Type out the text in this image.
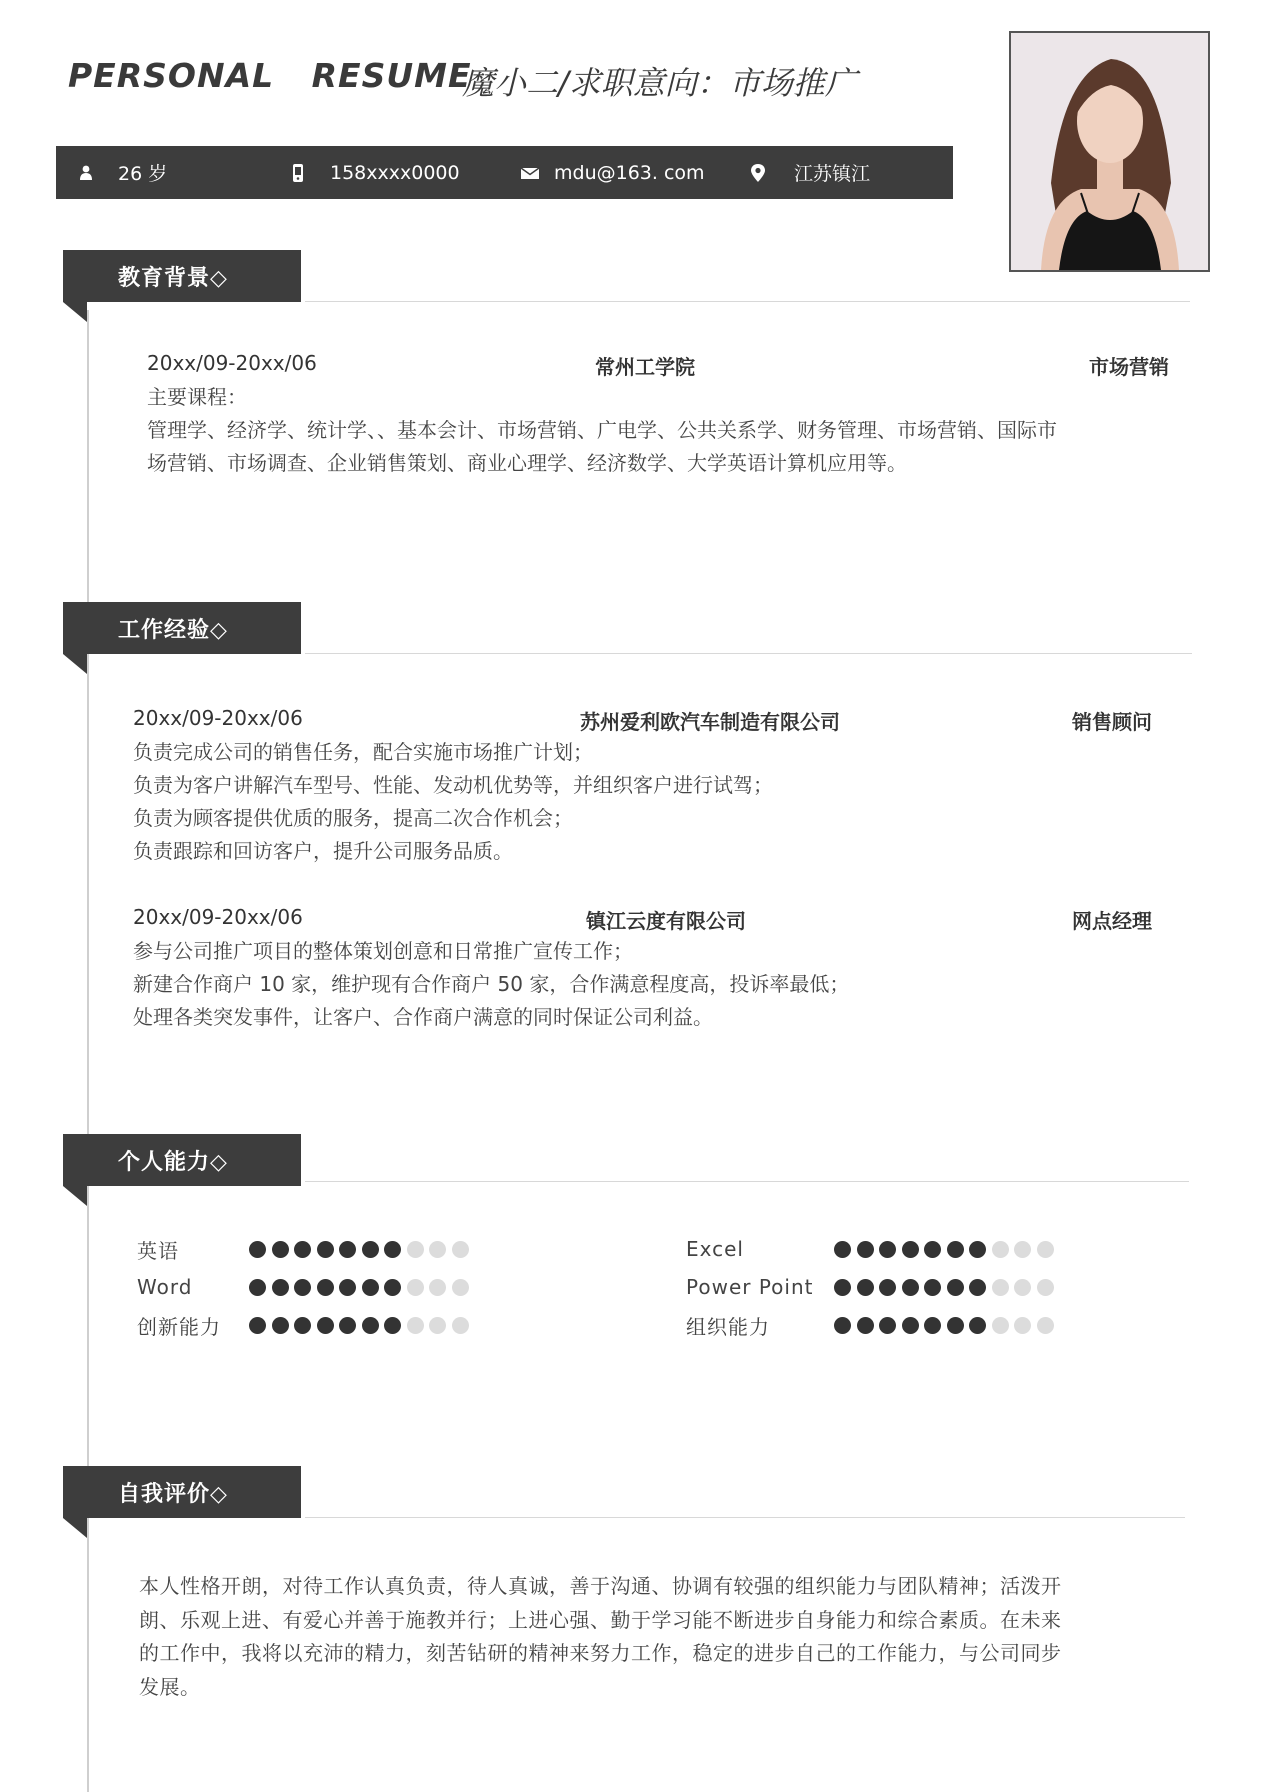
PERSONAL   RESUME
魔小二/求职意向：市场推广
26 岁	158xxxx0000	mdu@163. com	江苏镇江
教育背景◇
20xx/09-20xx/06	常州工学院	市场营销

主要课程：

管理学、经济学、统计学、、基本会计、市场营销、广电学、公共关系学、财务管理、市场营销、国际市

场营销、市场调查、企业销售策划、商业心理学、经济数学、大学英语计算机应用等。

工作经验◇
20xx/09-20xx/06	苏州爱利欧汽车制造有限公司	销售顾问

负责完成公司的销售任务，配合实施市场推广计划；

负责为客户讲解汽车型号、性能、发动机优势等，并组织客户进行试驾；

负责为顾客提供优质的服务，提高二次合作机会；

负责跟踪和回访客户，提升公司服务品质。

20xx/09-20xx/06	镇江云度有限公司	网点经理

参与公司推广项目的整体策划创意和日常推广宣传工作；

新建合作商户 10 家，维护现有合作商户 50 家，合作满意程度高，投诉率最低；

处理各类突发事件，让客户、合作商户满意的同时保证公司利益。

个人能力◇
英语
Word
创新能力
Excel
Power Point
组织能力
自我评价◇

本人性格开朗，对待工作认真负责，待人真诚，善于沟通、协调有较强的组织能力与团队精神；活泼开

朗、乐观上进、有爱心并善于施教并行；上进心强、勤于学习能不断进步自身能力和综合素质。在未来

的工作中，我将以充沛的精力，刻苦钻研的精神来努力工作，稳定的进步自己的工作能力，与公司同步

发展。
